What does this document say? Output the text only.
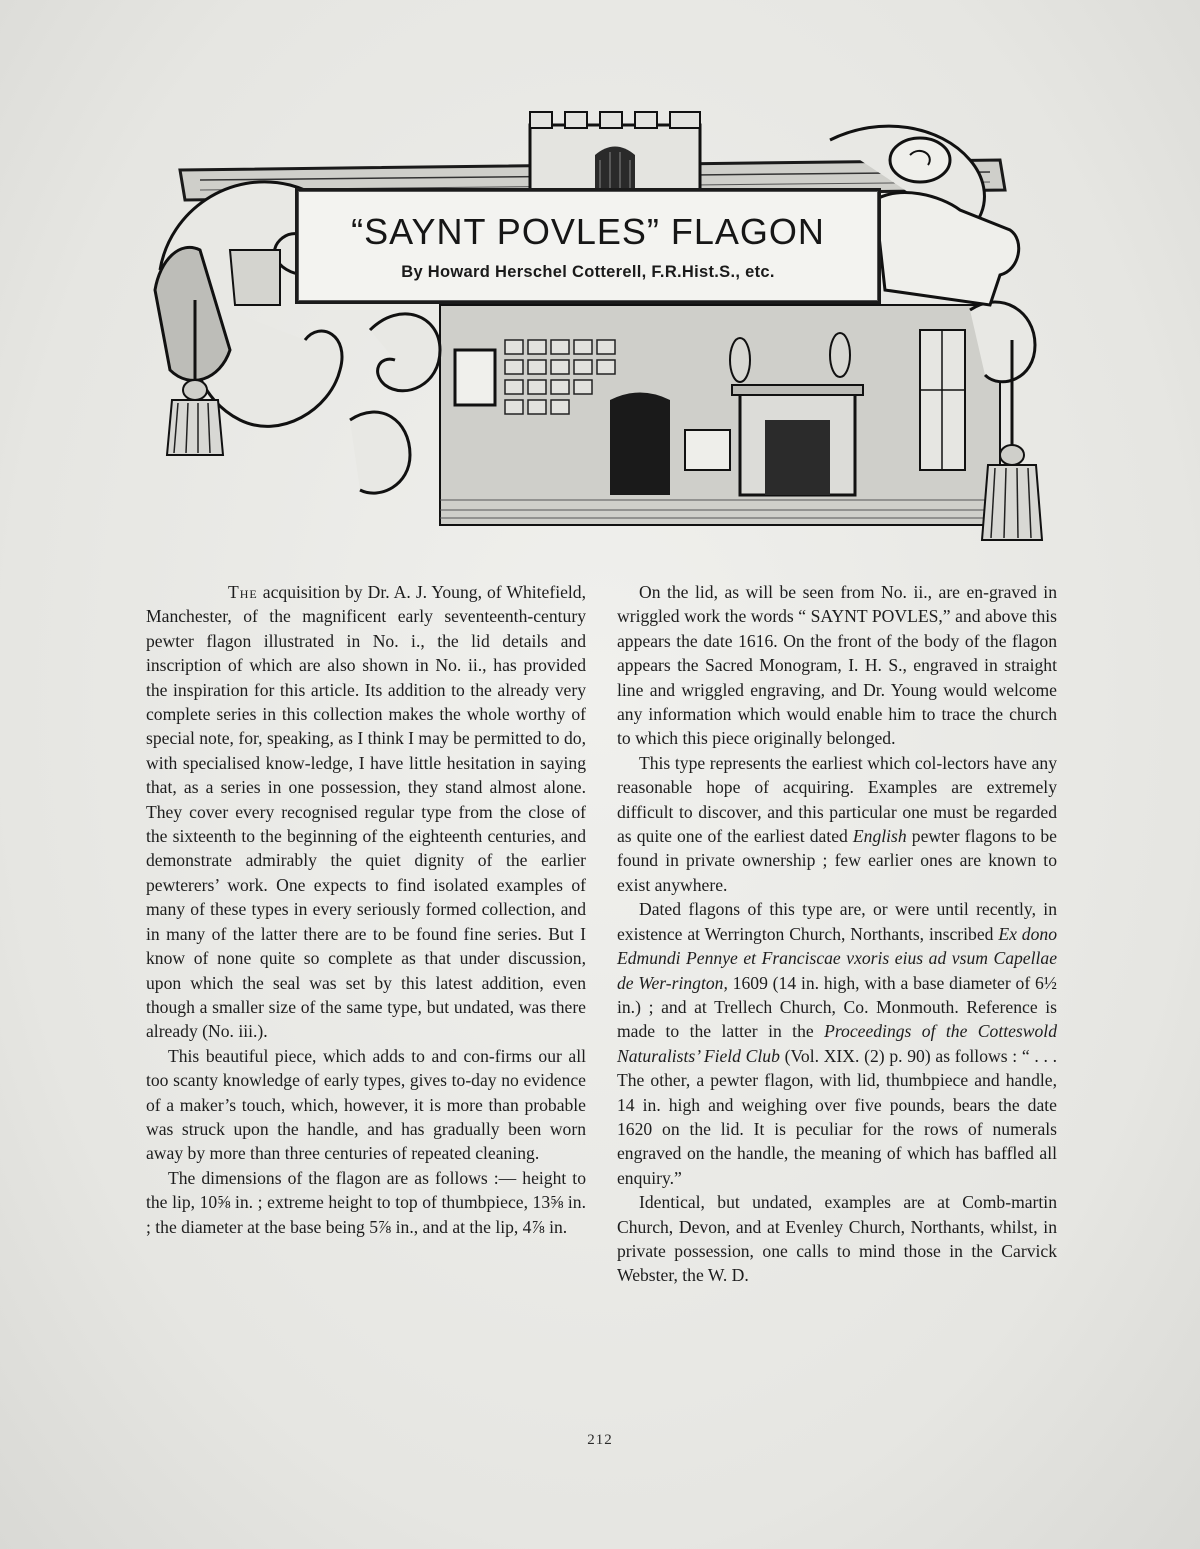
“SAYNT POVLES” FLAGON
By Howard Herschel Cotterell, F.R.Hist.S., etc.

The acquisition by Dr. A. J. Young, of Whitefield, Manchester, of the magnificent early seventeenth-century pewter flagon illustrated in No. i., the lid details and inscription of which are also shown in No. ii., has provided the inspiration for this article. Its addition to the already very complete series in this collection makes the whole worthy of special note, for, speaking, as I think I may be permitted to do, with specialised know-ledge, I have little hesitation in saying that, as a series in one possession, they stand almost alone. They cover every recognised regular type from the close of the sixteenth to the beginning of the eighteenth centuries, and demonstrate admirably the quiet dignity of the earlier pewterers’ work. One expects to find isolated examples of many of these types in every seriously formed collection, and in many of the latter there are to be found fine series. But I know of none quite so complete as that under discussion, upon which the seal was set by this latest addition, even though a smaller size of the same type, but undated, was there already (No. iii.).

This beautiful piece, which adds to and con-firms our all too scanty knowledge of early types, gives to-day no evidence of a maker’s touch, which, however, it is more than probable was struck upon the handle, and has gradually been worn away by more than three centuries of repeated cleaning.

The dimensions of the flagon are as follows :— height to the lip, 10⅝ in. ; extreme height to top of thumbpiece, 13⅝ in. ; the diameter at the base being 5⅞ in., and at the lip, 4⅞ in.

On the lid, as will be seen from No. ii., are en-graved in wriggled work the words “ SAYNT POVLES,” and above this appears the date 1616. On the front of the body of the flagon appears the Sacred Monogram, I. H. S., engraved in straight line and wriggled engraving, and Dr. Young would welcome any information which would enable him to trace the church to which this piece originally belonged.

This type represents the earliest which col-lectors have any reasonable hope of acquiring. Examples are extremely difficult to discover, and this particular one must be regarded as quite one of the earliest dated English pewter flagons to be found in private ownership ; few earlier ones are known to exist anywhere.

Dated flagons of this type are, or were until recently, in existence at Werrington Church, Northants, inscribed Ex dono Edmundi Pennye et Franciscae vxoris eius ad vsum Capellae de Wer-rington, 1609 (14 in. high, with a base diameter of 6½ in.) ; and at Trellech Church, Co. Monmouth. Reference is made to the latter in the Proceedings of the Cotteswold Naturalists’ Field Club (Vol. XIX. (2) p. 90) as follows : “ . . . The other, a pewter flagon, with lid, thumbpiece and handle, 14 in. high and weighing over five pounds, bears the date 1620 on the lid. It is peculiar for the rows of numerals engraved on the handle, the meaning of which has baffled all enquiry.”

Identical, but undated, examples are at Comb-martin Church, Devon, and at Evenley Church, Northants, whilst, in private possession, one calls to mind those in the Carvick Webster, the W. D.

212
